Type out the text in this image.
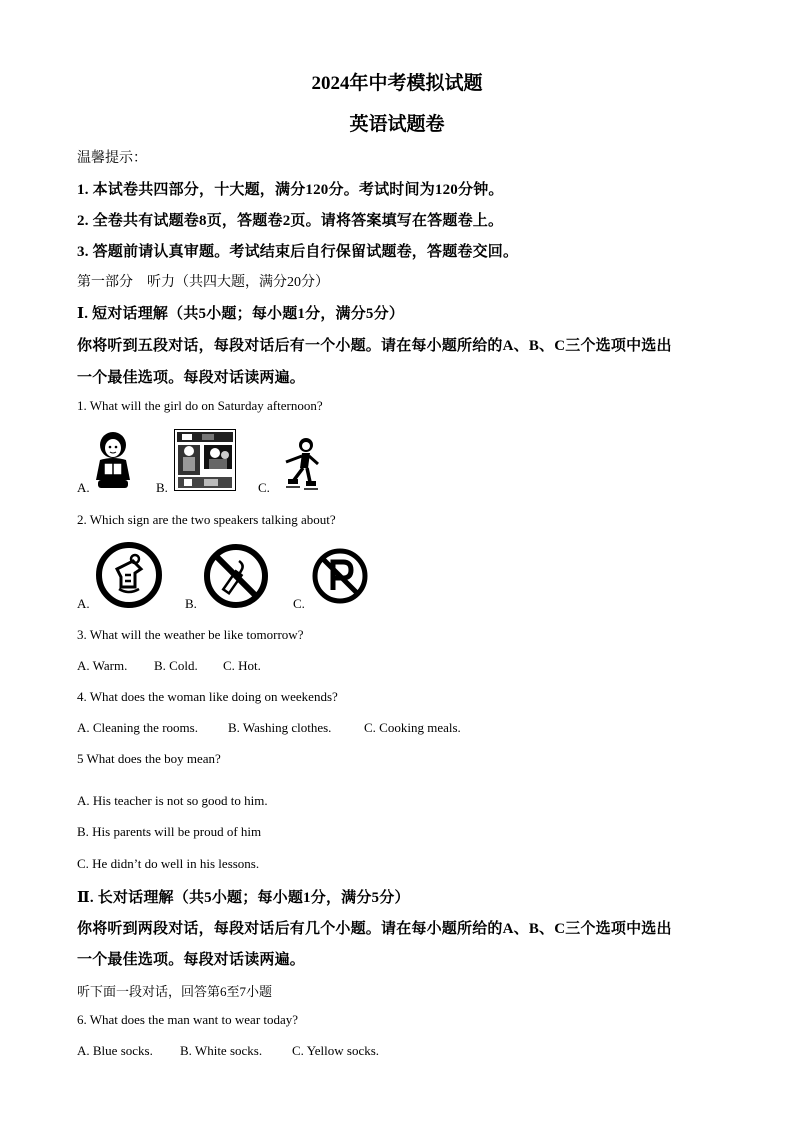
2024年中考模拟试题
英语试题卷
温馨提示：
1. 本试卷共四部分，十大题，满分120分。考试时间为120分钟。
2. 全卷共有试题卷8页，答题卷2页。请将答案填写在答题卷上。
3. 答题前请认真审题。考试结束后自行保留试题卷，答题卷交回。
第一部分　听力（共四大题，满分20分）
Ⅰ. 短对话理解（共5小题；每小题1分，满分5分）
你将听到五段对话，每段对话后有一个小题。请在每小题所给的A、B、C三个选项中选出
一个最佳选项。每段对话读两遍。
1. What will the girl do on Saturday afternoon?
A.	B.	C.
2. Which sign are the two speakers talking about?
A.	B.	C.
3. What will the weather be like tomorrow?
A. Warm. B. Cold. C. Hot.
4. What does the woman like doing on weekends?
A. Cleaning the rooms. B. Washing clothes.	C. Cooking meals.
5 What does the boy mean?
A. His teacher is not so good to him.
B. His parents will be proud of him
C. He didn’t do well in his lessons.
Ⅱ. 长对话理解（共5小题；每小题1分，满分5分）
你将听到两段对话，每段对话后有几个小题。请在每小题所给的A、B、C三个选项中选出
一个最佳选项。每段对话读两遍。
听下面一段对话，回答第6至7小题
6. What does the man want to wear today?
A. Blue socks. B. White socks. C. Yellow socks.
